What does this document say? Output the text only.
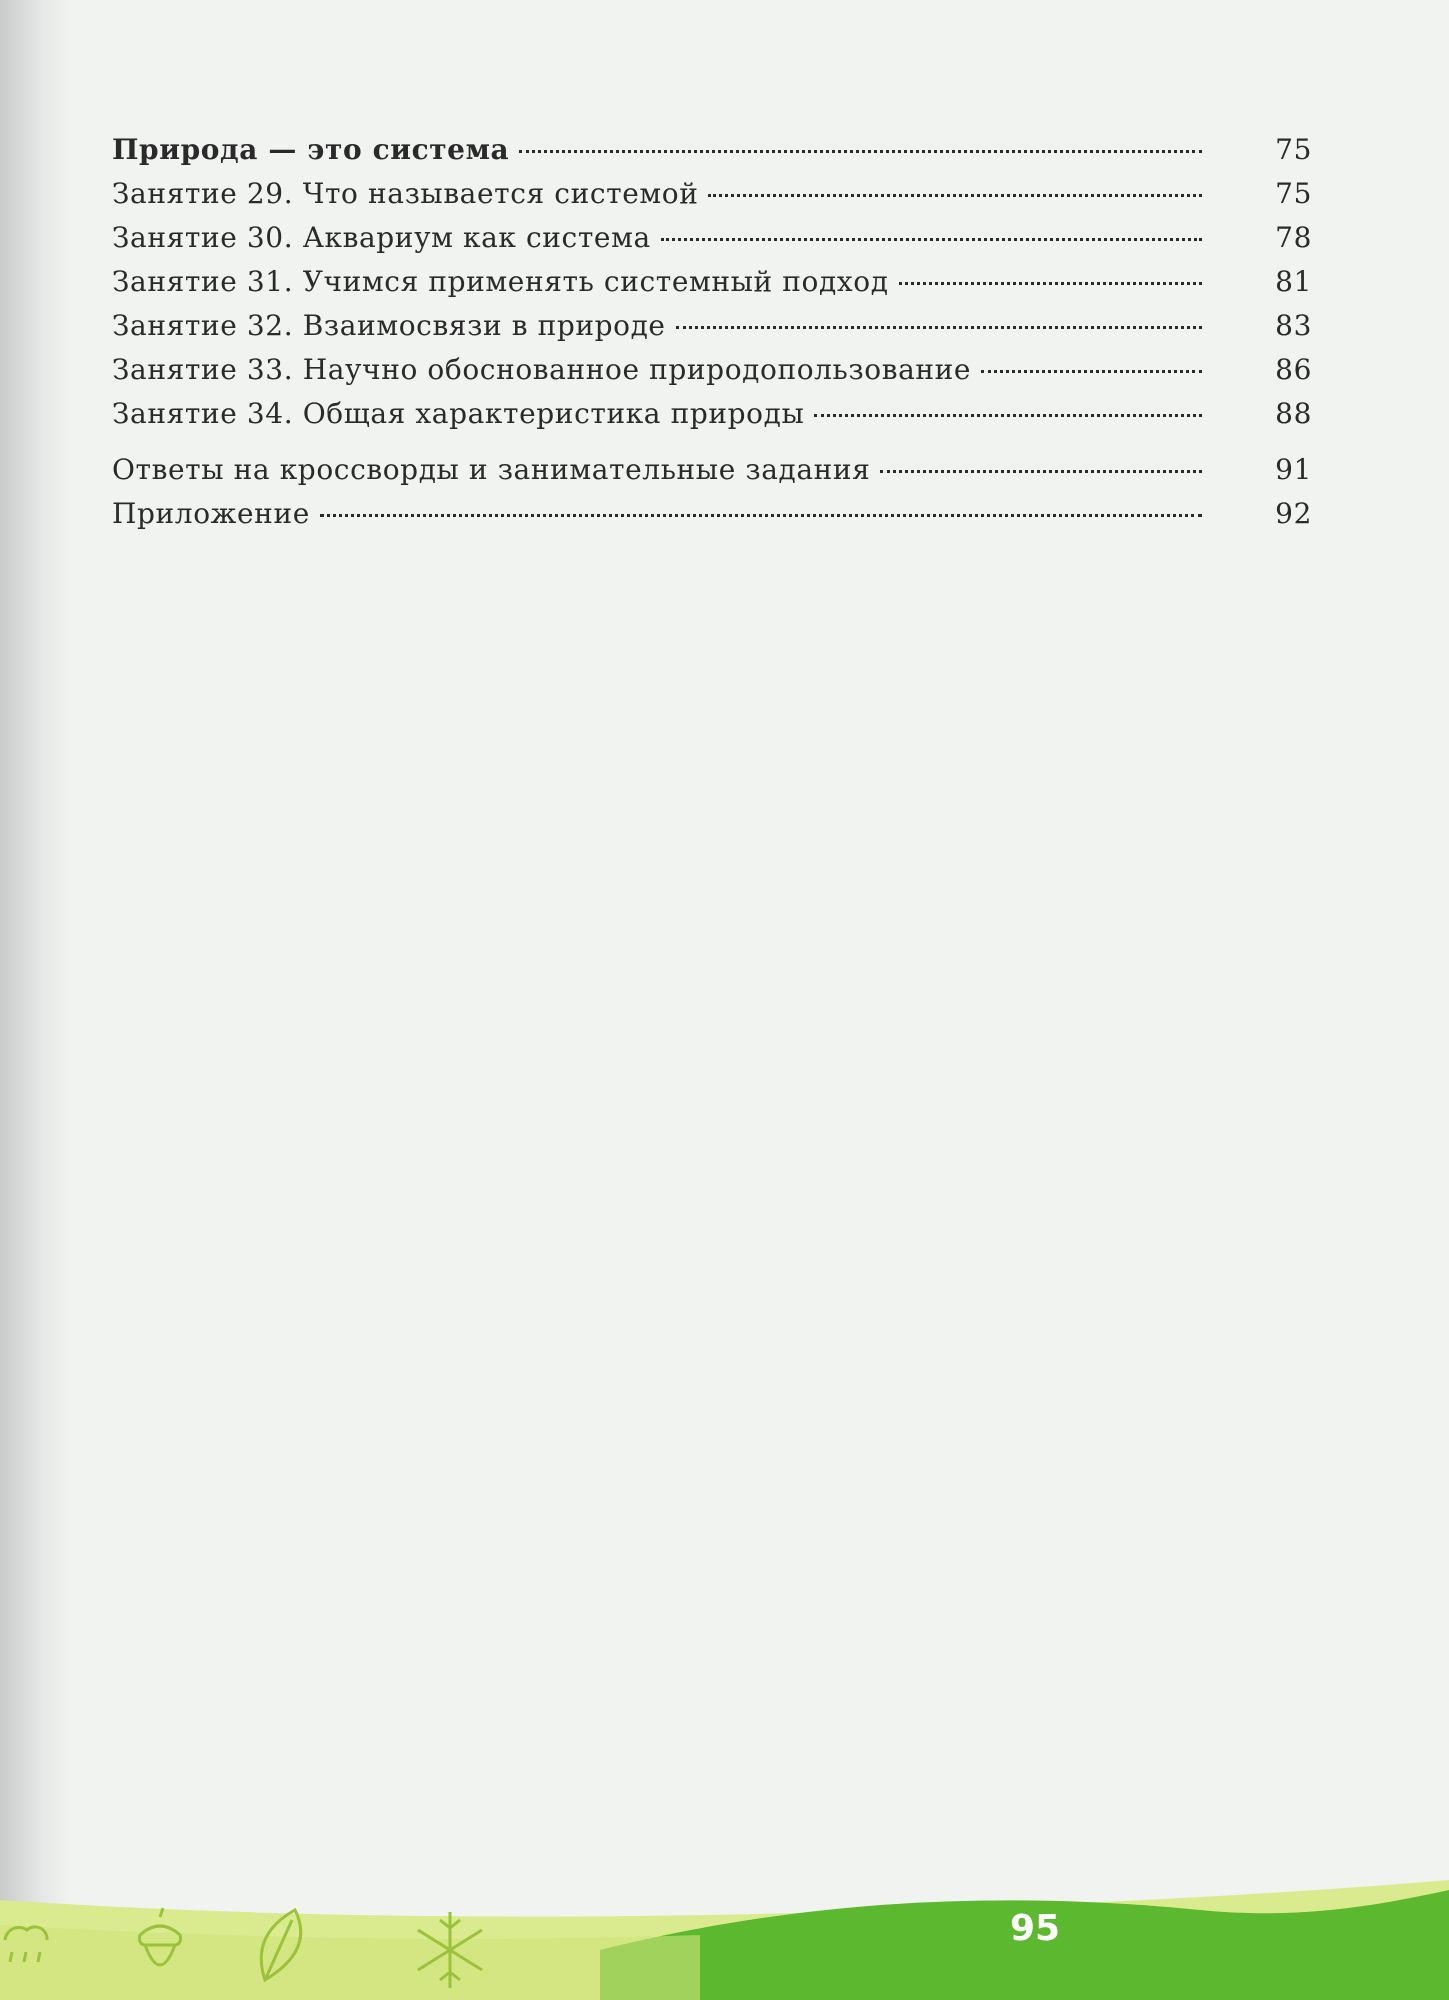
Природа — это система	75
Занятие 29. Что называется системой	75
Занятие 30. Аквариум как система	78
Занятие 31. Учимся применять системный подход	81
Занятие 32. Взаимосвязи в природе	83
Занятие 33. Научно обоснованное природопользование	86
Занятие 34. Общая характеристика природы	88
Ответы на кроссворды и занимательные задания	91
Приложение	92
95
